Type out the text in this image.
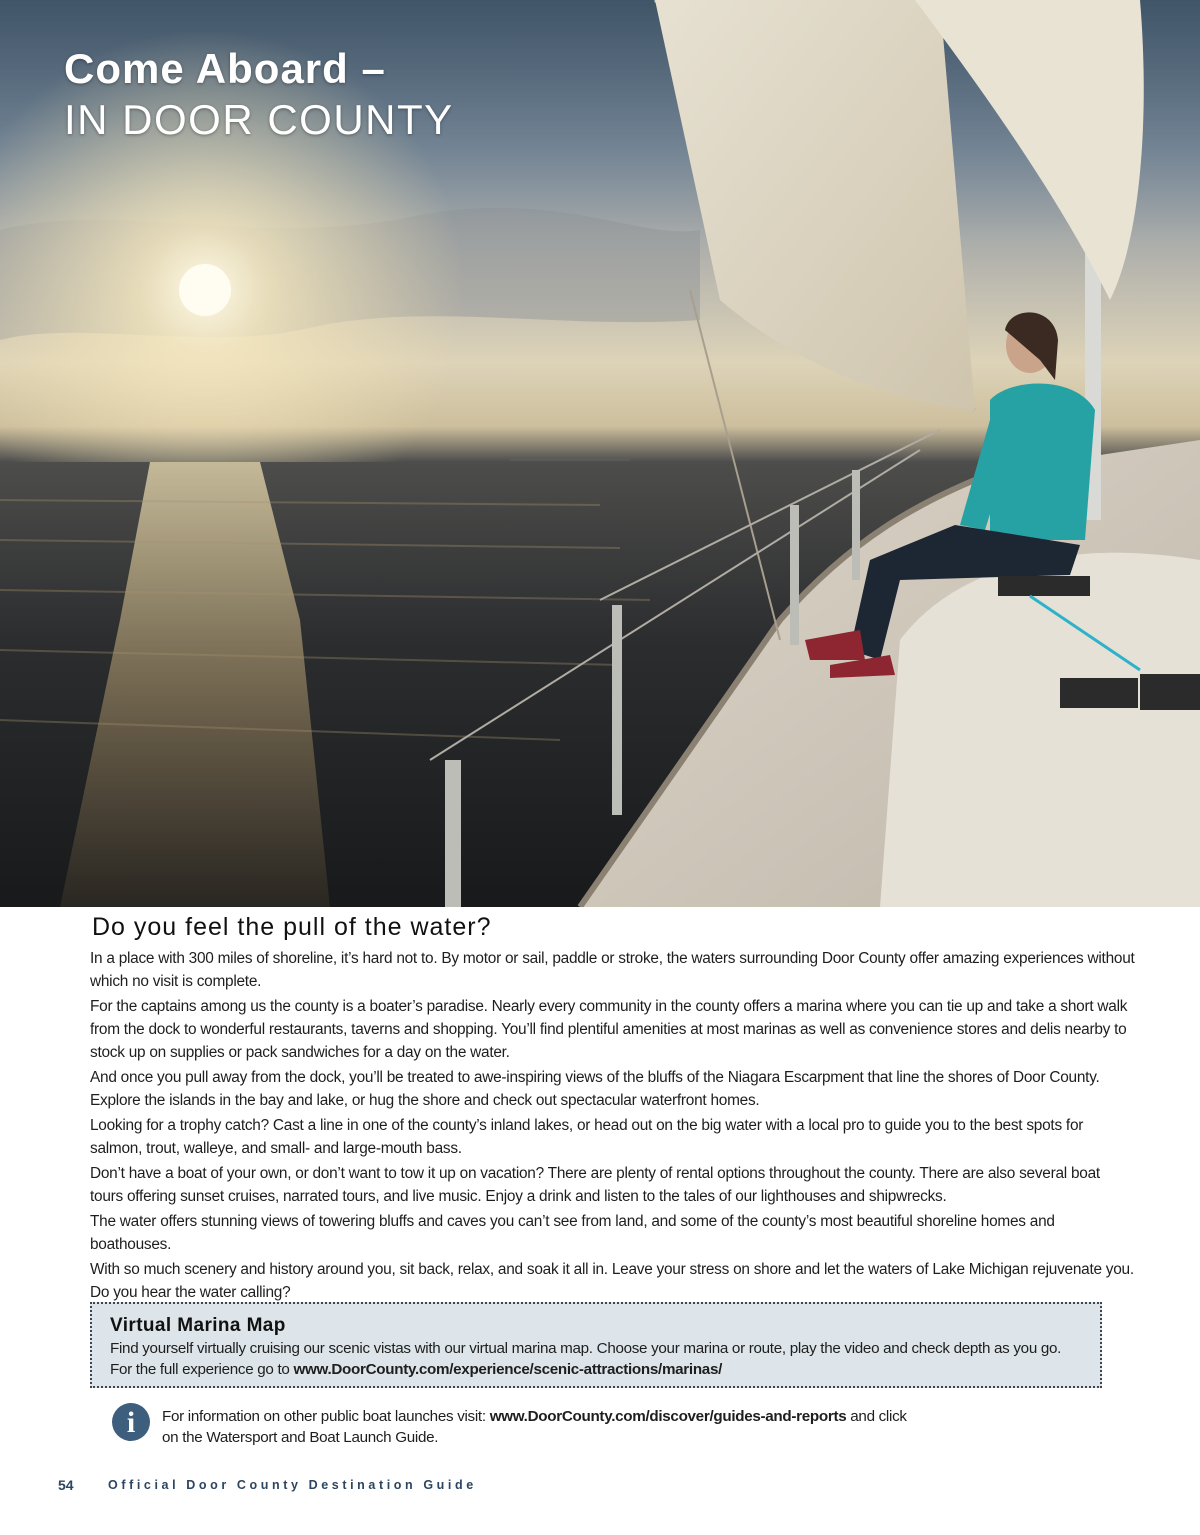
Come Aboard –
IN DOOR COUNTY
Do you feel the pull of the water?

In a place with 300 miles of shoreline, it’s hard not to. By motor or sail, paddle or stroke, the waters surrounding Door County offer amazing experiences without which no visit is complete.

For the captains among us the county is a boater’s paradise. Nearly every community in the county offers a marina where you can tie up and take a short walk from the dock to wonderful restaurants, taverns and shopping. You’ll find plentiful amenities at most marinas as well as convenience stores and delis nearby to stock up on supplies or pack sandwiches for a day on the water.

And once you pull away from the dock, you’ll be treated to awe-inspiring views of the bluffs of the Niagara Escarpment that line the shores of Door County. Explore the islands in the bay and lake, or hug the shore and check out spectacular waterfront homes.

Looking for a trophy catch? Cast a line in one of the county’s inland lakes, or head out on the big water with a local pro to guide you to the best spots for salmon, trout, walleye, and small- and large-mouth bass.

Don’t have a boat of your own, or don’t want to tow it up on vacation? There are plenty of rental options throughout the county. There are also several boat tours offering sunset cruises, narrated tours, and live music. Enjoy a drink and listen to the tales of our lighthouses and shipwrecks.

The water offers stunning views of towering bluffs and caves you can’t see from land, and some of the county’s most beautiful shoreline homes and boathouses.

With so much scenery and history around you, sit back, relax, and soak it all in. Leave your stress on shore and let the waters of Lake Michigan rejuvenate you. Do you hear the water calling?

Virtual Marina Map

Find yourself virtually cruising our scenic vistas with our virtual marina map. Choose your marina or route, play the video and check depth as you go.

For the full experience go to www.DoorCounty.com/experience/scenic-attractions/marinas/

i	For information on other public boat launches visit: www.DoorCounty.com/discover/guides-and-reports and click
on the Watersport and Boat Launch Guide.
54	Official Door County Destination Guide
